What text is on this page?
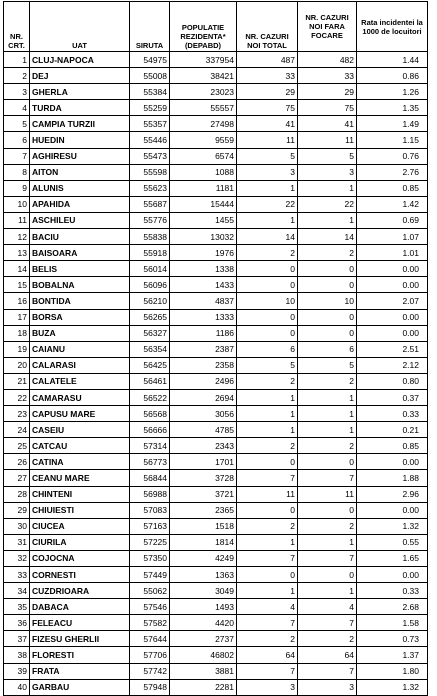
NR. CRT.	UAT	SIRUTA	POPULATIE REZIDENTA* (DEPABD)	NR. CAZURI NOI TOTAL	NR. CAZURI NOI FARA FOCARE	Rata incidentei la 1000 de locuitori
1	CLUJ-NAPOCA	54975	337954	487	482	1.44
2	DEJ	55008	38421	33	33	0.86
3	GHERLA	55384	23023	29	29	1.26
4	TURDA	55259	55557	75	75	1.35
5	CAMPIA TURZII	55357	27498	41	41	1.49
6	HUEDIN	55446	9559	11	11	1.15
7	AGHIRESU	55473	6574	5	5	0.76
8	AITON	55598	1088	3	3	2.76
9	ALUNIS	55623	1181	1	1	0.85
10	APAHIDA	55687	15444	22	22	1.42
11	ASCHILEU	55776	1455	1	1	0.69
12	BACIU	55838	13032	14	14	1.07
13	BAISOARA	55918	1976	2	2	1.01
14	BELIS	56014	1338	0	0	0.00
15	BOBALNA	56096	1433	0	0	0.00
16	BONTIDA	56210	4837	10	10	2.07
17	BORSA	56265	1333	0	0	0.00
18	BUZA	56327	1186	0	0	0.00
19	CAIANU	56354	2387	6	6	2.51
20	CALARASI	56425	2358	5	5	2.12
21	CALATELE	56461	2496	2	2	0.80
22	CAMARASU	56522	2694	1	1	0.37
23	CAPUSU MARE	56568	3056	1	1	0.33
24	CASEIU	56666	4785	1	1	0.21
25	CATCAU	57314	2343	2	2	0.85
26	CATINA	56773	1701	0	0	0.00
27	CEANU MARE	56844	3728	7	7	1.88
28	CHINTENI	56988	3721	11	11	2.96
29	CHIUIESTI	57083	2365	0	0	0.00
30	CIUCEA	57163	1518	2	2	1.32
31	CIURILA	57225	1814	1	1	0.55
32	COJOCNA	57350	4249	7	7	1.65
33	CORNESTI	57449	1363	0	0	0.00
34	CUZDRIOARA	55062	3049	1	1	0.33
35	DABACA	57546	1493	4	4	2.68
36	FELEACU	57582	4420	7	7	1.58
37	FIZESU GHERLII	57644	2737	2	2	0.73
38	FLORESTI	57706	46802	64	64	1.37
39	FRATA	57742	3881	7	7	1.80
40	GARBAU	57948	2281	3	3	1.32
